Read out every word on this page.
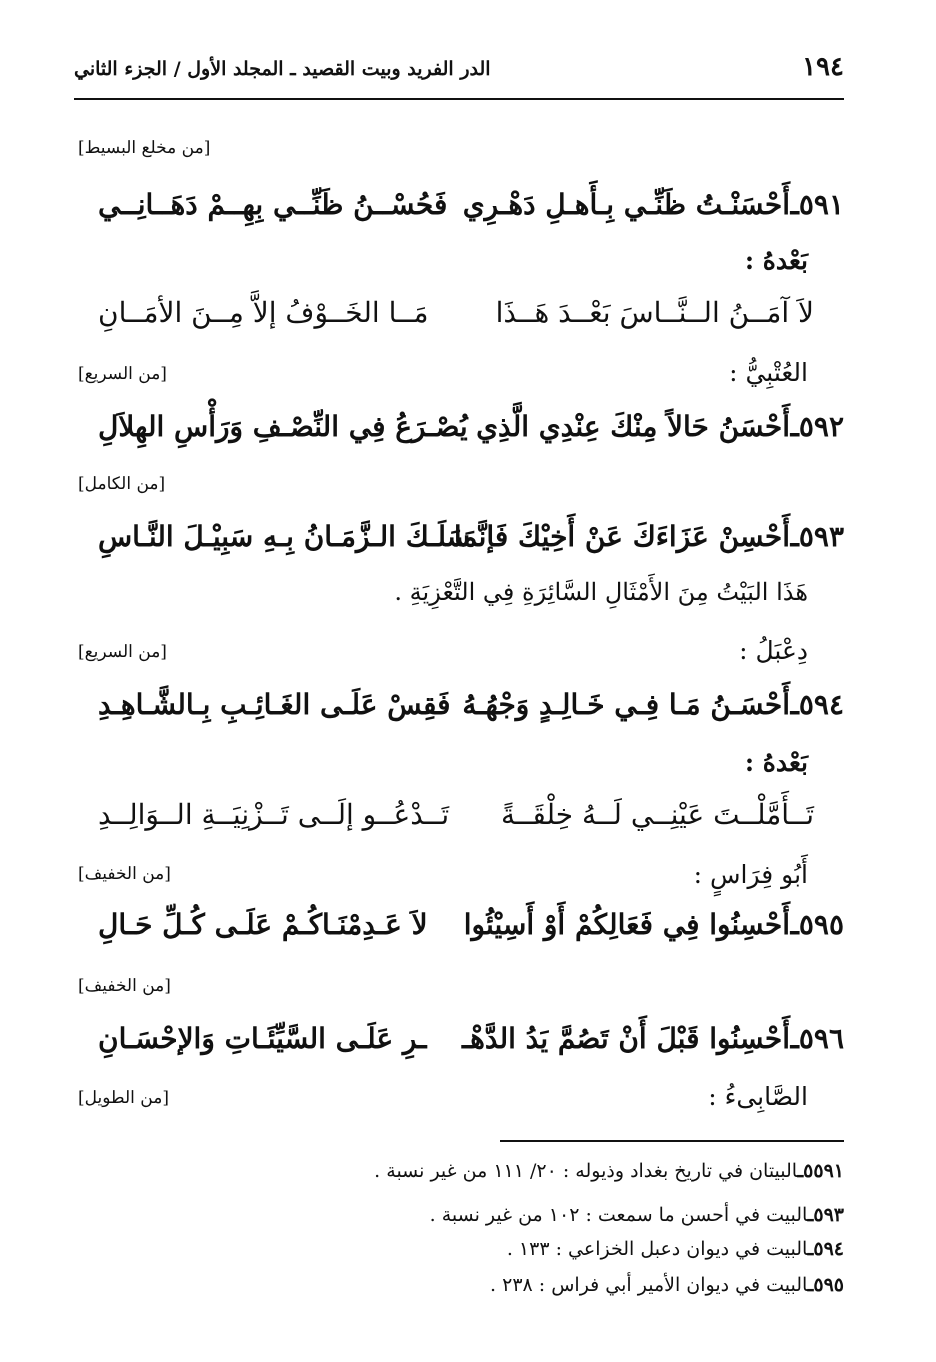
١٩٤
الدر الفريد وبيت القصيد ـ المجلد الأول / الجزء الثاني
[من مخلع البسيط]
٥٩١ـ
أَحْسَنْـتُ ظَنِّـي بِـأَهـلِ دَهْـرِي
فَحُسْــنُ ظَنِّــي بِهِــمْ دَهَــانِــي
بَعْدهُ :
لاَ آمَــنُ الــنَّــاسَ بَعْــدَ هَــذَا
مَــا الخَــوْفُ إلاَّ مِــنَ الأمَــانِ
العُتْبِيُّ :
[من السريع]
٥٩٢ـ
أَحْسَنُ حَالاً مِنْكَ عِنْدِي الَّذِي
يُصْـرَعُ فِي النِّصْـفِ وَرَأْسِ الهِلاَلِ
[من الكامل]
٥٩٣ـ
أَحْسِنْ عَزَاءَكَ عَنْ أَخِيْكَ فَإنَّمَا
سَلَـكَ الـزَّمَـانُ بِـهِ سَبِيْـلَ النَّـاسِ
هَذَا البَيْتُ مِنَ الأَمْثَالِ السَّائِرَةِ فِي التَّعْزِيَةِ .
دِعْبَلُ :
[من السريع]
٥٩٤ـ
أَحْسَـنُ مَـا فِـي خَـالِـدٍ وَجْهُـهُ
فَقِسْ عَلَـى الغَـائِـبِ بِـالشَّـاهِـدِ
بَعْدهُ :
تَــأَمَّلْــتَ عَيْنِــي لَــهُ خِلْقَــةً
تَــدْعُــو إلَــى تَــزْنِيَــةِ الــوَالِــدِ
أَبُو فِرَاسٍ :
[من الخفيف]
٥٩٥ـ
أَحْسِنُوا فِي فَعَالِكُمْ أَوْ أَسِيْئُوا
لاَ عَـدِمْنَـاكُـمْ عَلَـى كُـلِّ حَـالِ
[من الخفيف]
٥٩٦ـ
أَحْسِنُوا قَبْلَ أَنْ تَصُمَّ يَدُ الدَّهْـ
ـرِ عَلَـى السَّيِّئَـاتِ وَالإحْسَـانِ
الصَّابِىءُ :
[من الطويل]
٥٥٩١ـالبيتان في تاريخ بغداد وذيوله : ٢٠/ ١١١ من غير نسبة .
٥٩٣ـالبيت في أحسن ما سمعت : ١٠٢ من غير نسبة .
٥٩٤ـالبيت في ديوان دعبل الخزاعي : ١٣٣ .
٥٩٥ـالبيت في ديوان الأمير أبي فراس : ٢٣٨ .
